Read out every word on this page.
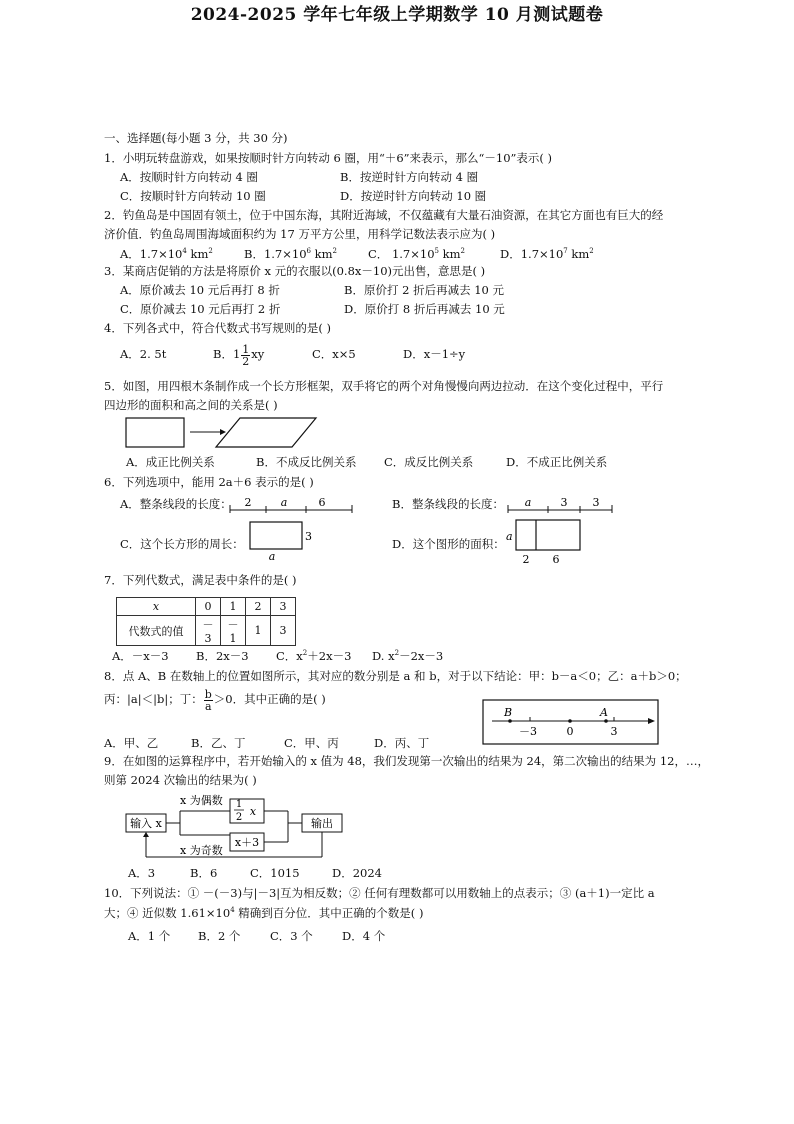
2024-2025 学年七年级上学期数学 10 月测试题卷
一、选择题(每小题 3 分，共 30 分)
1．小明玩转盘游戏，如果按顺时针方向转动 6 圈，用“＋6”来表示，那么“－10”表示( )
A．按顺时针方向转动 4 圈	B．按逆时针方向转动 4 圈
C．按顺时针方向转动 10 圈	D．按逆时针方向转动 10 圈
2．钓鱼岛是中国固有领土，位于中国东海，其附近海域，不仅蕴藏有大量石油资源，在其它方面也有巨大的经
济价值．钓鱼岛周围海域面积约为 17 万平方公里，用科学记数法表示应为( )
A．$1.7\times 10^4$ $km^2$	B．$1.7\times 10^6$ $km^2$	C． $1.7\times 10^5$ $km^2$	D．$1.7\times 10^7$ $km^2$
3．某商店促销的方法是将原价 x 元的衣服以(0.8x－10)元出售，意思是( )
A．原价减去 10 元后再打 8 折	B．原价打 2 折后再减去 10 元
C．原价减去 10 元后再打 2 折	D．原价打 8 折后再减去 10 元
4．下列各式中，符合代数式书写规则的是( )
A．2. 5t	B．$1 \frac{1}{2}$ xy	C．x×5	D．x－1÷y
5．如图，用四根木条制作成一个长方形框架，双手将它的两个对角慢慢向两边拉动．在这个变化过程中，平行
四边形的面积和高之间的关系是( )
A．成正比例关系	B．不成反比例关系 C．成反比例关系	D．不成正比例关系
6．下列选项中，能用 2a＋6 表示的是( )
A．整条线段的长度： 2	a	6	B．整条线段的长度： a	3 3
C．这个长方形的周长：
3
a
D．这个图形的面积：
a
2 6
7．下列代数式，满足表中条件的是( )
x	0	1	2	3
代数式的值	－3	－1	1	3
A．－x－3 B．2x－3 C．$x^2+2x-3$ D. $x^2-2x-3$
8．点 A、B 在数轴上的位置如图所示，其对应的数分别是 a 和 b，对于以下结论：甲：b－a＜0；乙：a＋b＞0；
丙：|a|＜|b|；丁： $\frac{b}{a} >0$．其中正确的是( )
B	A
－3	0	3
A．甲、乙	B．乙、丁	C．甲、丙	D．丙、丁
9．在如图的运算程序中，若开始输入的 x 值为 48，我们发现第一次输出的结果为 24，第二次输出的结果为 12，…，
则第 2024 次输出的结果为( )
输入 x
x 为偶数
x 为奇数
1
2 x
x＋3
输出
A．3	B．6	C．1015	D．2024
10．下列说法：① －(－3)与|－3|互为相反数；② 任何有理数都可以用数轴上的点表示；③ (a＋1)一定比 a
大；④ 近似数 $1.61\times 10^4$ 精确到百分位．其中正确的个数是( )
A．1 个 B．2 个	C．3 个	D．4 个
